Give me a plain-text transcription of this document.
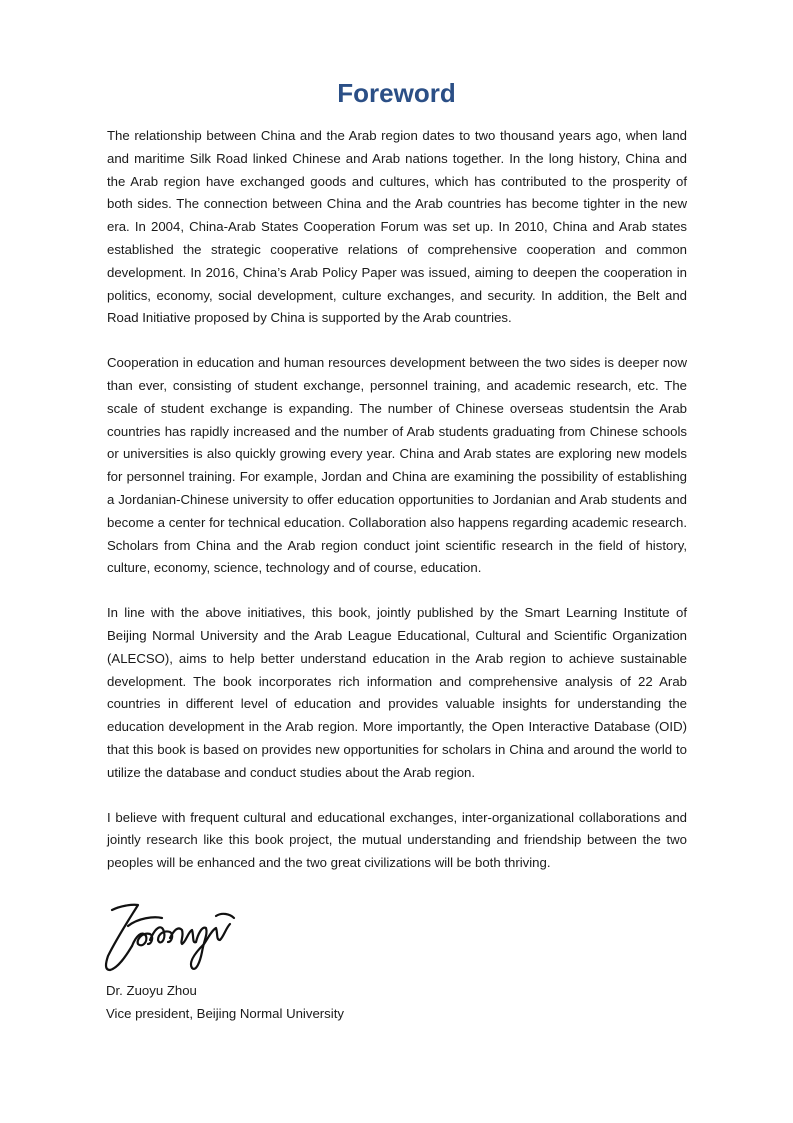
Foreword

The relationship between China and the Arab region dates to two thousand years ago, when land and maritime Silk Road linked Chinese and Arab nations together. In the long history, China and the Arab region have exchanged goods and cultures, which has contributed to the prosperity of both sides. The connection between China and the Arab countries has become tighter in the new era. In 2004, China-Arab States Cooperation Forum was set up. In 2010, China and Arab states established the strategic cooperative relations of comprehensive cooperation and common development. In 2016, China’s Arab Policy Paper was issued, aiming to deepen the cooperation in politics, economy, social development, culture exchanges, and security. In addition, the Belt and Road Initiative proposed by China is supported by the Arab countries.

Cooperation in education and human resources development between the two sides is deeper now than ever, consisting of student exchange, personnel training, and academic research, etc. The scale of student exchange is expanding. The number of Chinese overseas studentsin the Arab countries has rapidly increased and the number of Arab students graduating from Chinese schools or universities is also quickly growing every year. China and Arab states are exploring new models for personnel training. For example, Jordan and China are examining the possibility of establishing a Jordanian-Chinese university to offer education opportunities to Jordanian and Arab students and become a center for technical education. Collaboration also happens regarding academic research. Scholars from China and the Arab region conduct joint scientific research in the field of history, culture, economy, science, technology and of course, education.

In line with the above initiatives, this book, jointly published by the Smart Learning Institute of Beijing Normal University and the Arab League Educational, Cultural and Scientific Organization (ALECSO), aims to help better understand education in the Arab region to achieve sustainable development. The book incorporates rich information and comprehensive analysis of 22 Arab countries in different level of education and provides valuable insights for understanding the education development in the Arab region. More importantly, the Open Interactive Database (OID) that this book is based on provides new opportunities for scholars in China and around the world to utilize the database and conduct studies about the Arab region.

I believe with frequent cultural and educational exchanges, inter-organizational collaborations and jointly research like this book project, the mutual understanding and friendship between the two peoples will be enhanced and the two great civilizations will be both thriving.

Dr. Zuoyu Zhou
Vice president, Beijing Normal University
